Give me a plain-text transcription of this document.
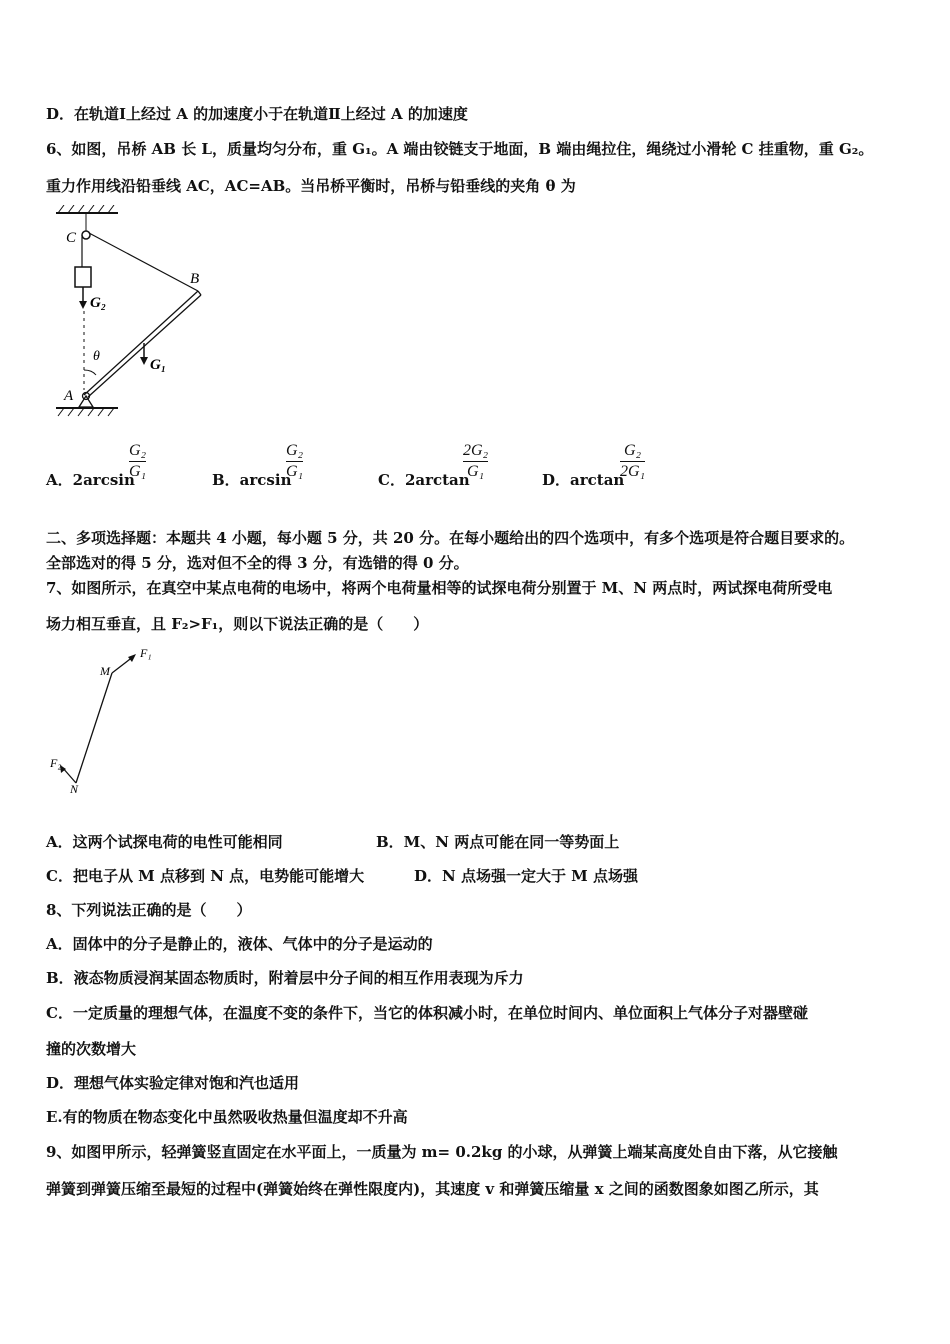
D．在轨道Ⅰ上经过 A 的加速度小于在轨道Ⅱ上经过 A 的加速度
6、如图，吊桥 AB 长 L，质量均匀分布，重 G₁。A 端由铰链支于地面，B 端由绳拉住，绳绕过小滑轮 C 挂重物，重 G₂。
重力作用线沿铅垂线 AC，AC=AB。当吊桥平衡时，吊桥与铅垂线的夹角 θ 为
C
B
A
G₂
G₁
θ
A．2arcsin
G₂
G₁	B．arcsin
G₂
G₁	C．2arctan
2G₂
G₁	D．arctan
G₂
2G₁
二、多项选择题：本题共 4 小题，每小题 5 分，共 20 分。在每小题给出的四个选项中，有多个选项是符合题目要求的。
全部选对的得 5 分，选对但不全的得 3 分，有选错的得 0 分。
7、如图所示，在真空中某点电荷的电场中，将两个电荷量相等的试探电荷分别置于 M、N 两点时，两试探电荷所受电
场力相互垂直，且 F₂>F₁，则以下说法正确的是（　　）
M
F₁
F₂
N
A．这两个试探电荷的电性可能相同	B．M、N 两点可能在同一等势面上
C．把电子从 M 点移到 N 点，电势能可能增大	D．N 点场强一定大于 M 点场强
8、下列说法正确的是（　　）
A．固体中的分子是静止的，液体、气体中的分子是运动的
B．液态物质浸润某固态物质时，附着层中分子间的相互作用表现为斥力
C．一定质量的理想气体，在温度不变的条件下，当它的体积减小时，在单位时间内、单位面积上气体分子对器壁碰
撞的次数增大
D．理想气体实验定律对饱和汽也适用
E.有的物质在物态变化中虽然吸收热量但温度却不升高
9、如图甲所示，轻弹簧竖直固定在水平面上，一质量为 m= 0.2kg 的小球，从弹簧上端某高度处自由下落，从它接触
弹簧到弹簧压缩至最短的过程中(弹簧始终在弹性限度内)，其速度 v 和弹簧压缩量 x 之间的函数图象如图乙所示，其
